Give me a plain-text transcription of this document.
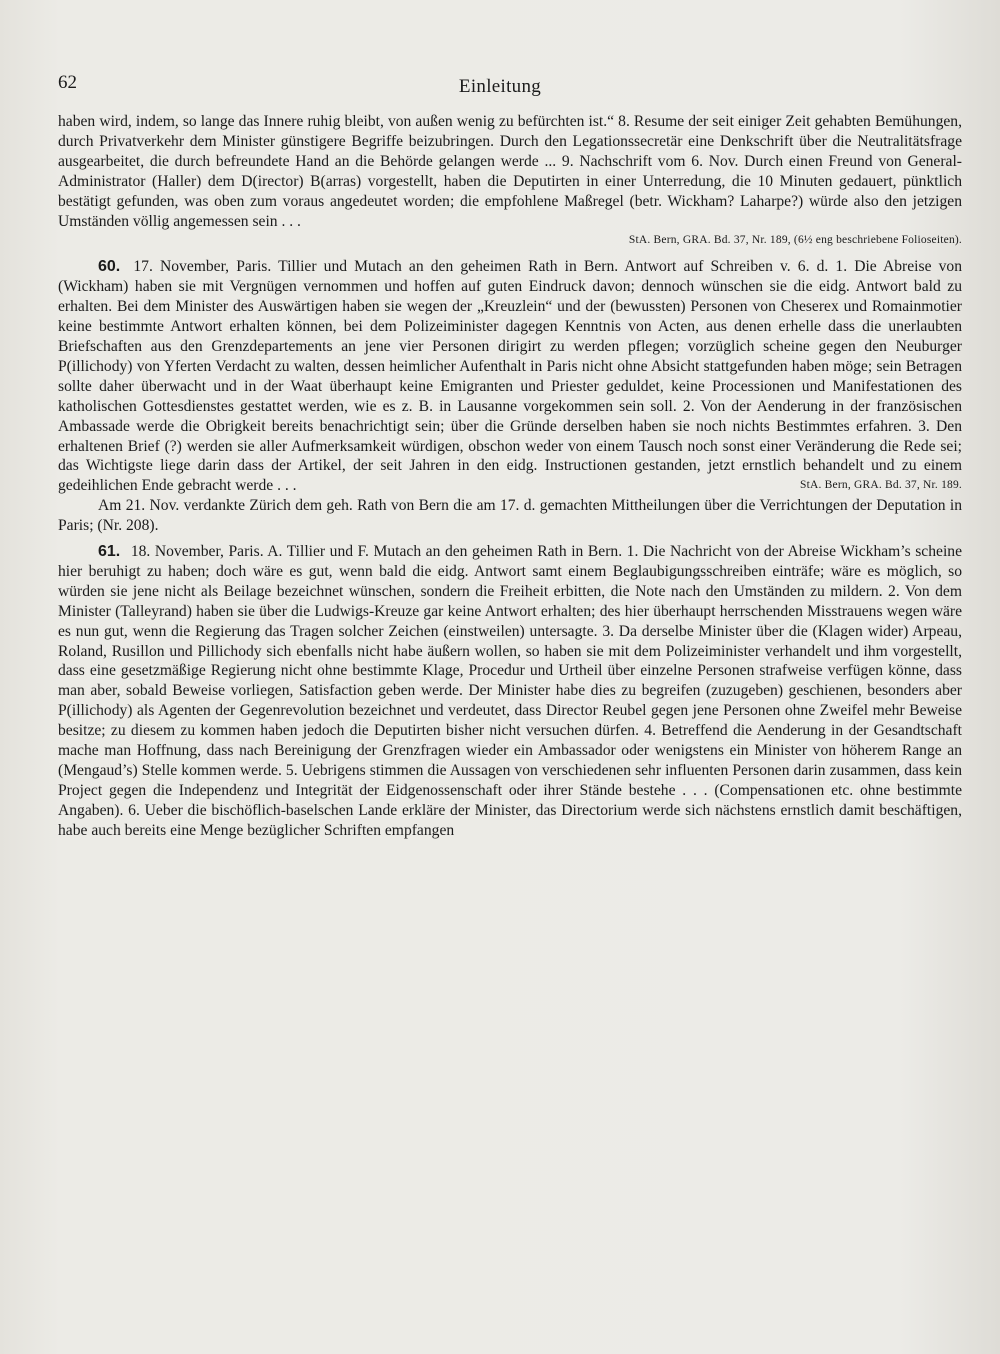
62	Einleitung

haben wird, indem, so lange das Innere ruhig bleibt, von außen wenig zu befürchten ist.“ 8. Resume der seit einiger Zeit gehabten Bemühungen, durch Privatverkehr dem Minister günstigere Begriffe beizubringen. Durch den Legationssecretär eine Denkschrift über die Neutralitätsfrage ausgearbeitet, die durch befreundete Hand an die Behörde gelangen werde ... 9. Nachschrift vom 6. Nov. Durch einen Freund von General-Administrator (Haller) dem D(irector) B(arras) vorgestellt, haben die Deputirten in einer Unterredung, die 10 Minuten gedauert, pünktlich bestätigt gefunden, was oben zum voraus angedeutet worden; die empfohlene Maßregel (betr. Wickham? Laharpe?) würde also den jetzigen Umständen völlig angemessen sein . . .

StA. Bern, GRA. Bd. 37, Nr. 189, (6½ eng beschriebene Folioseiten).

60. 17. November, Paris. Tillier und Mutach an den geheimen Rath in Bern. Antwort auf Schreiben v. 6. d. 1. Die Abreise von (Wickham) haben sie mit Vergnügen vernommen und hoffen auf guten Eindruck davon; dennoch wünschen sie die eidg. Antwort bald zu erhalten. Bei dem Minister des Auswärtigen haben sie wegen der „Kreuzlein“ und der (bewussten) Personen von Cheserex und Romainmotier keine bestimmte Antwort erhalten können, bei dem Polizeiminister dagegen Kenntnis von Acten, aus denen erhelle dass die unerlaubten Briefschaften aus den Grenzdepartements an jene vier Personen dirigirt zu werden pflegen; vorzüglich scheine gegen den Neuburger P(illichody) von Yferten Verdacht zu walten, dessen heimlicher Aufenthalt in Paris nicht ohne Absicht stattgefunden haben möge; sein Betragen sollte daher überwacht und in der Waat überhaupt keine Emigranten und Priester geduldet, keine Processionen und Manifestationen des katholischen Gottesdienstes gestattet werden, wie es z. B. in Lausanne vorgekommen sein soll. 2. Von der Aenderung in der französischen Ambassade werde die Obrigkeit bereits benachrichtigt sein; über die Gründe derselben haben sie noch nichts Bestimmtes erfahren. 3. Den erhaltenen Brief (?) werden sie aller Aufmerksamkeit würdigen, obschon weder von einem Tausch noch sonst einer Veränderung die Rede sei; das Wichtigste liege darin dass der Artikel, der seit Jahren in den eidg. Instructionen gestanden, jetzt ernstlich behandelt und zu einem gedeihlichen Ende gebracht werde . . .	StA. Bern, GRA. Bd. 37, Nr. 189.

Am 21. Nov. verdankte Zürich dem geh. Rath von Bern die am 17. d. gemachten Mittheilungen über die Verrichtungen der Deputation in Paris; (Nr. 208).

61. 18. November, Paris. A. Tillier und F. Mutach an den geheimen Rath in Bern. 1. Die Nachricht von der Abreise Wickham’s scheine hier beruhigt zu haben; doch wäre es gut, wenn bald die eidg. Antwort samt einem Beglaubigungsschreiben einträfe; wäre es möglich, so würden sie jene nicht als Beilage bezeichnet wünschen, sondern die Freiheit erbitten, die Note nach den Umständen zu mildern. 2. Von dem Minister (Talleyrand) haben sie über die Ludwigs-Kreuze gar keine Antwort erhalten; des hier überhaupt herrschenden Misstrauens wegen wäre es nun gut, wenn die Regierung das Tragen solcher Zeichen (einstweilen) untersagte. 3. Da derselbe Minister über die (Klagen wider) Arpeau, Roland, Rusillon und Pillichody sich ebenfalls nicht habe äußern wollen, so haben sie mit dem Polizeiminister verhandelt und ihm vorgestellt, dass eine gesetzmäßige Regierung nicht ohne bestimmte Klage, Procedur und Urtheil über einzelne Personen strafweise verfügen könne, dass man aber, sobald Beweise vorliegen, Satisfaction geben werde. Der Minister habe dies zu begreifen (zuzugeben) geschienen, besonders aber P(illichody) als Agenten der Gegenrevolution bezeichnet und verdeutet, dass Director Reubel gegen jene Personen ohne Zweifel mehr Beweise besitze; zu diesem zu kommen haben jedoch die Deputirten bisher nicht versuchen dürfen. 4. Betreffend die Aenderung in der Gesandtschaft mache man Hoffnung, dass nach Bereinigung der Grenzfragen wieder ein Ambassador oder wenigstens ein Minister von höherem Range an (Mengaud’s) Stelle kommen werde. 5. Uebrigens stimmen die Aussagen von verschiedenen sehr influenten Personen darin zusammen, dass kein Project gegen die Independenz und Integrität der Eidgenossenschaft oder ihrer Stände bestehe . . . (Compensationen etc. ohne bestimmte Angaben). 6. Ueber die bischöflich-baselschen Lande erkläre der Minister, das Directorium werde sich nächstens ernstlich damit beschäftigen, habe auch bereits eine Menge bezüglicher Schriften empfangen
